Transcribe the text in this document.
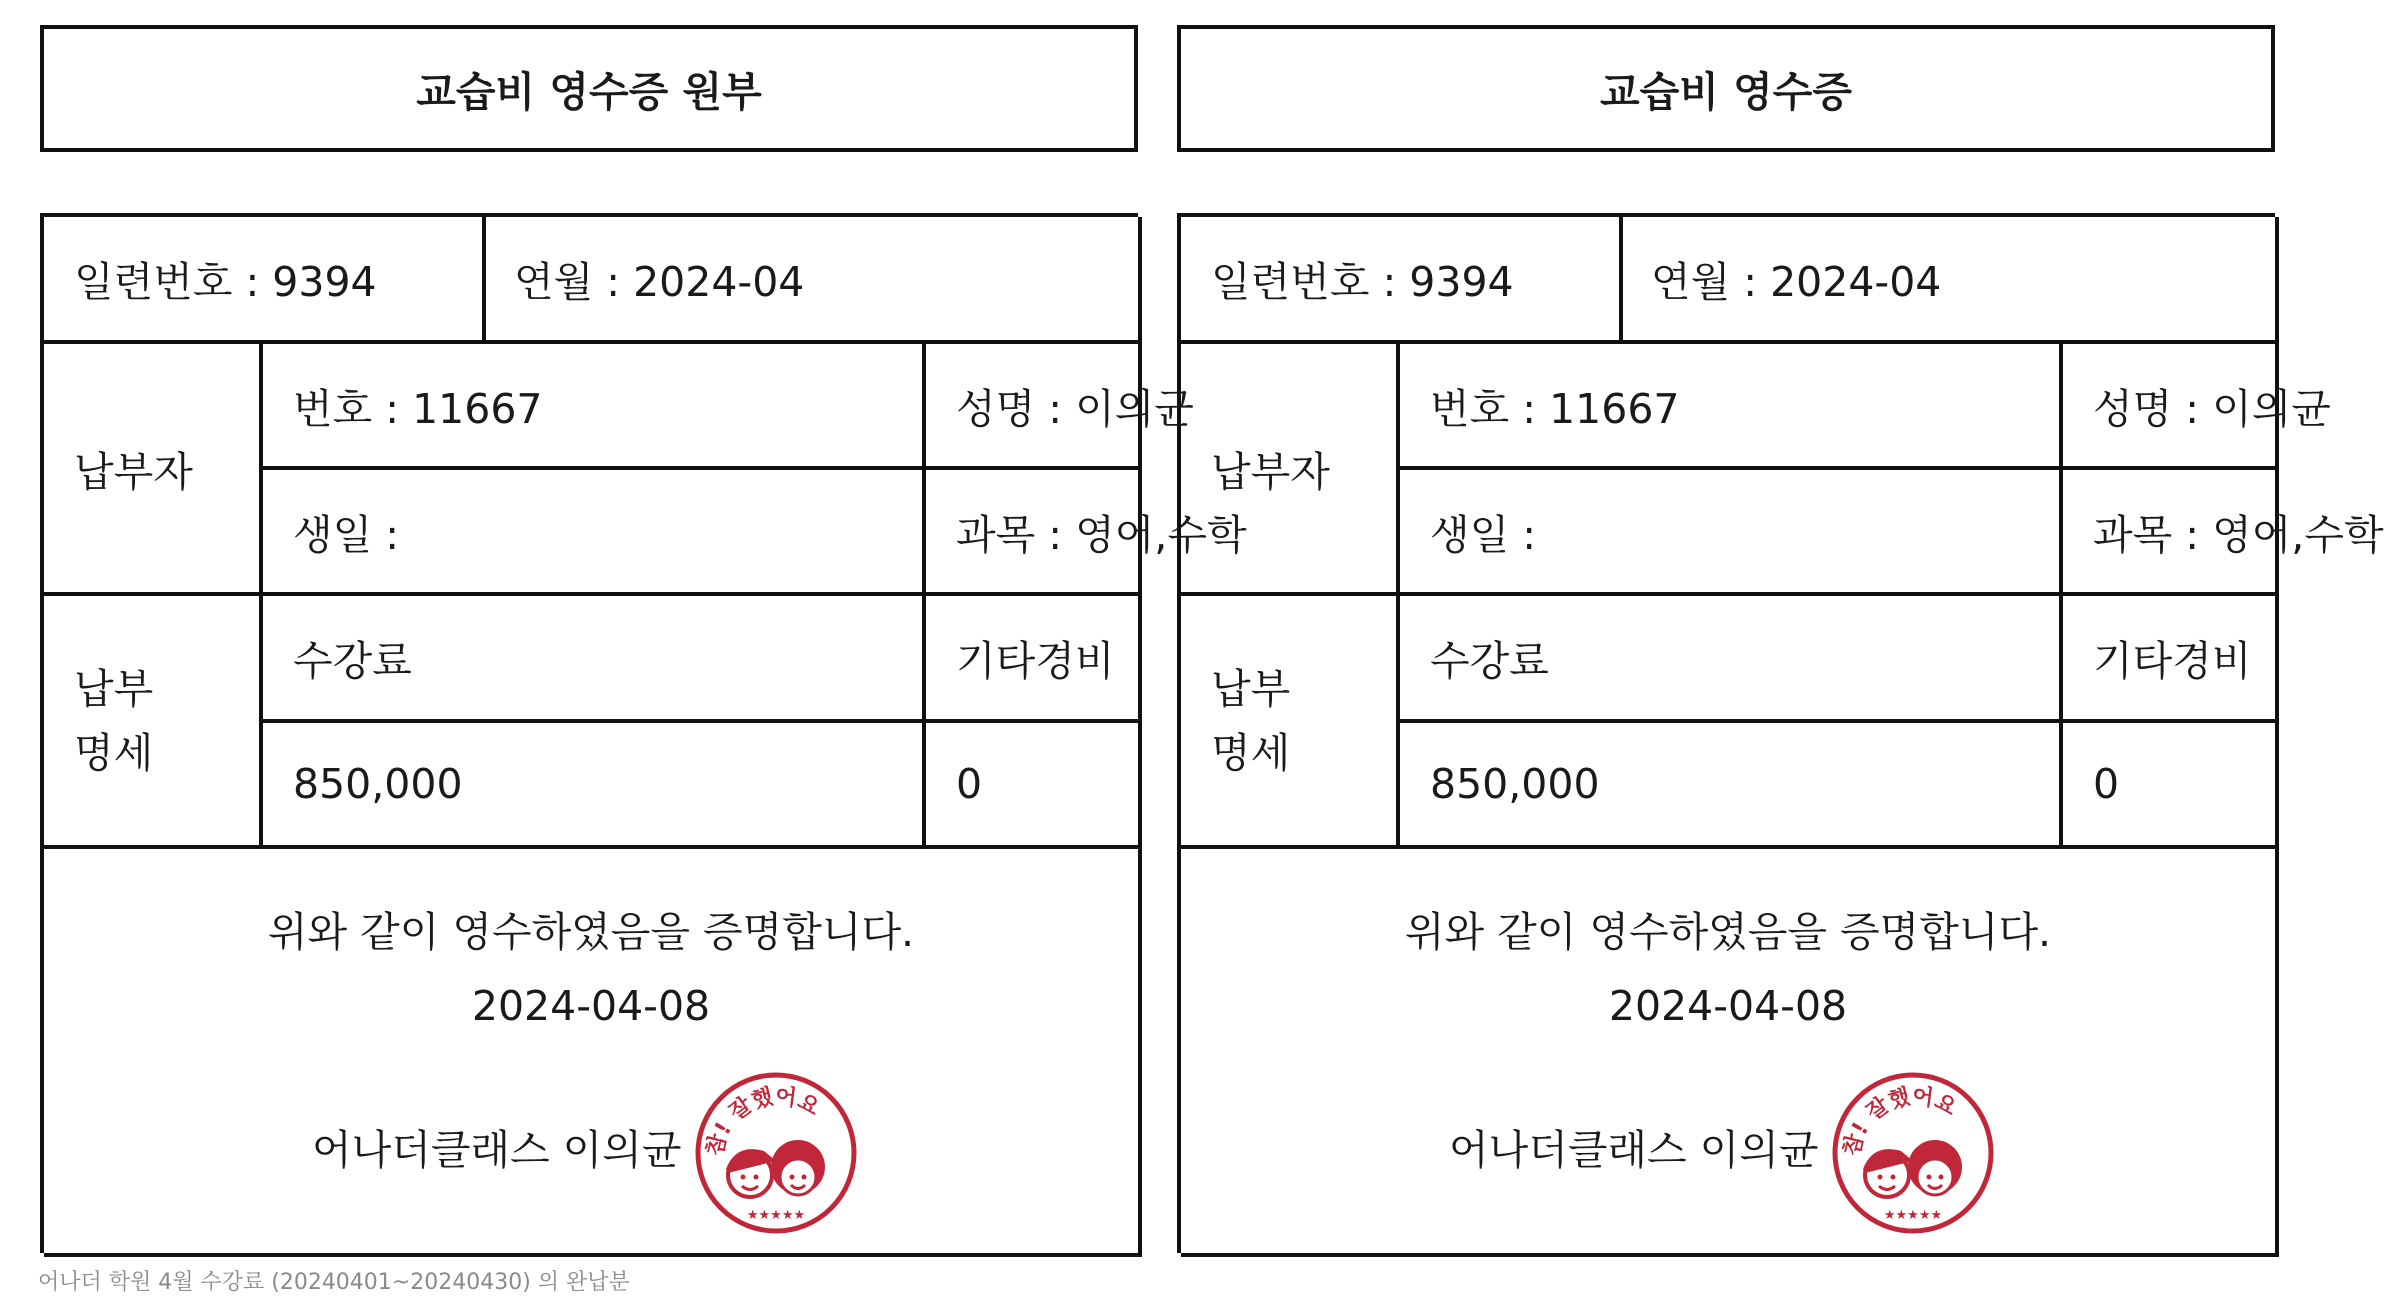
교습비 영수증 원부
일련번호 : 9394	연월 : 2024-04
납부자
번호 : 11667	성명 : 이의균
생일 :	과목 : 영어,수학
납부
명세
수강료	기타경비
850,000	0
위와 같이 영수하였음을 증명합니다.
2024-04-08
어나더클래스 이의균 참! 잘했어요
★★★★★
교습비 영수증
일련번호 : 9394	연월 : 2024-04
납부자
번호 : 11667	성명 : 이의균
생일 :	과목 : 영어,수학
납부
명세
수강료	기타경비
850,000	0
위와 같이 영수하였음을 증명합니다.
2024-04-08
어나더클래스 이의균 참! 잘했어요
★★★★★
어나더 학원 4월 수강료 (20240401~20240430) 의 완납분
